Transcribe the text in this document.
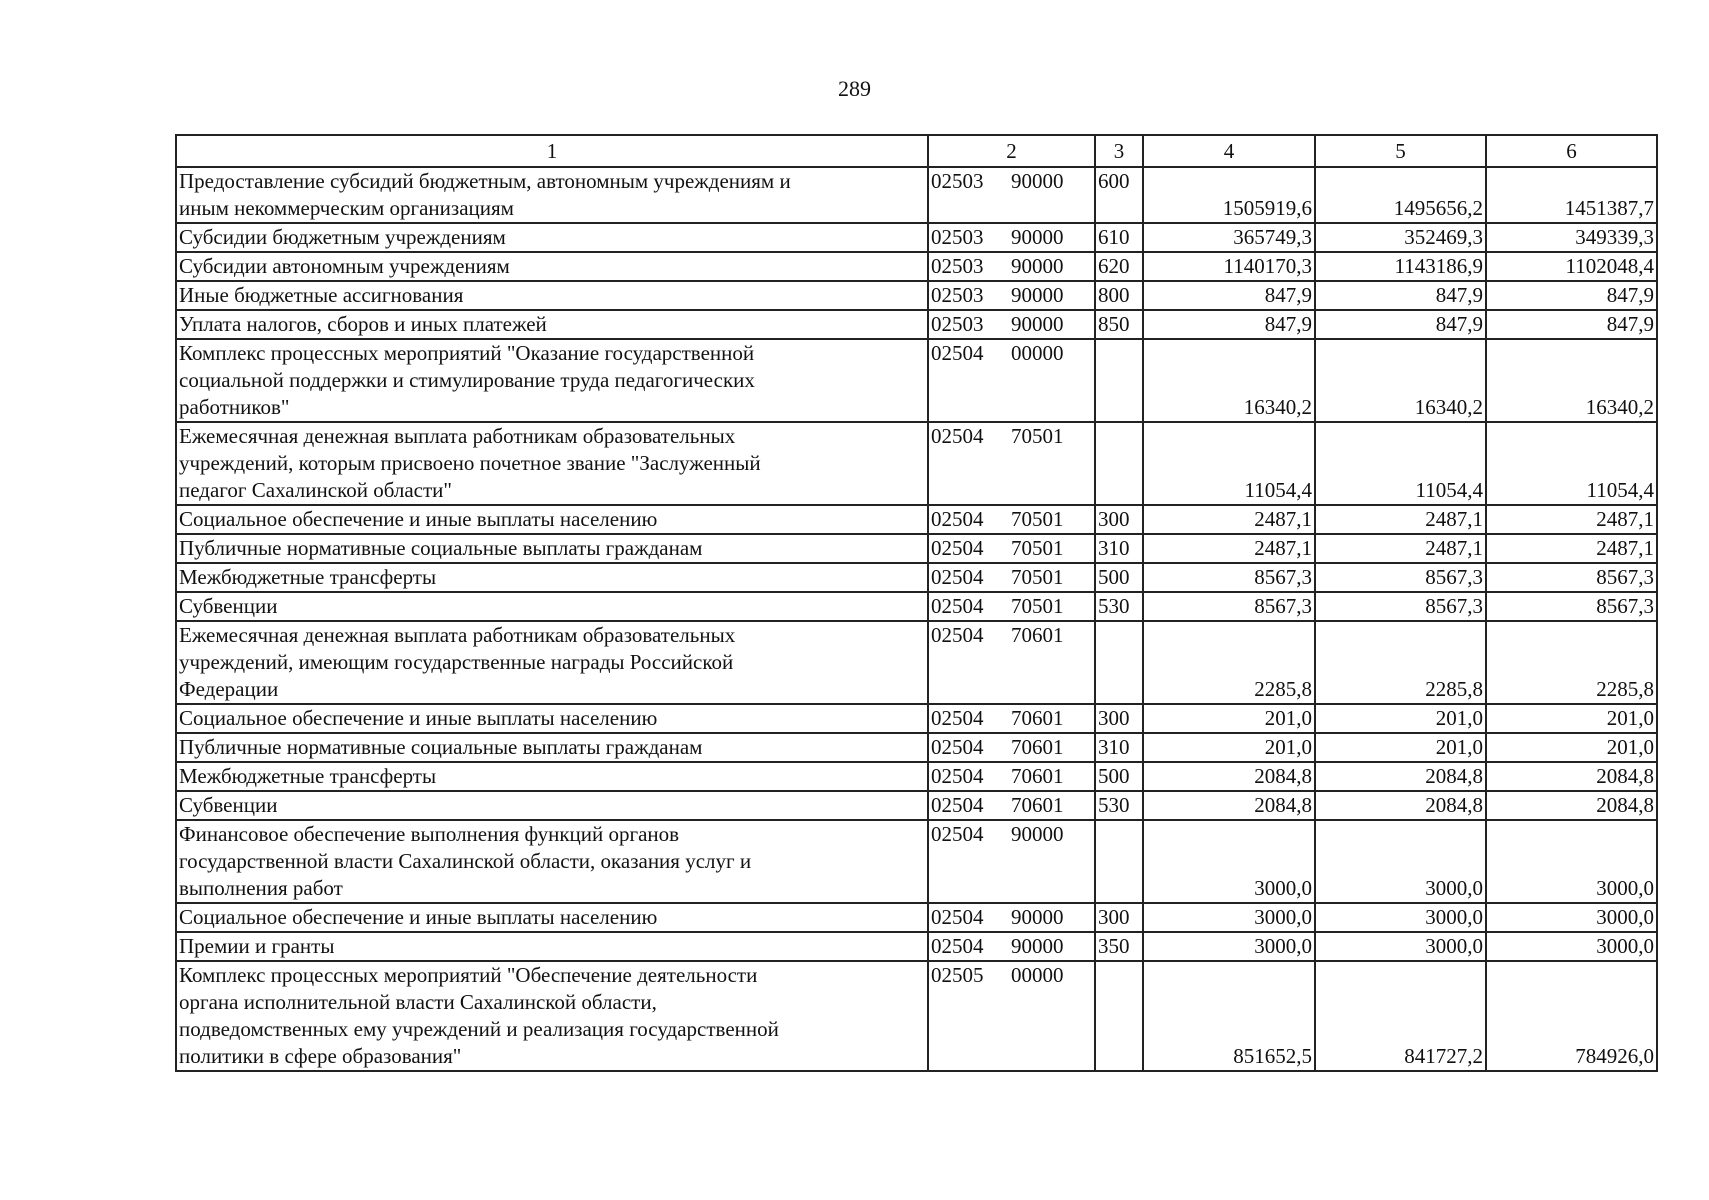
289
1	2	3	4	5	6
Предоставление субсидий бюджетным, автономным учреждениям и
иным некоммерческим организациям	02503 90000	600	1505919,6	1495656,2	1451387,7
Субсидии бюджетным учреждениям	02503 90000	610	365749,3	352469,3	349339,3
Субсидии автономным учреждениям	02503 90000	620	1140170,3	1143186,9	1102048,4
Иные бюджетные ассигнования	02503 90000	800	847,9	847,9	847,9
Уплата налогов, сборов и иных платежей	02503 90000	850	847,9	847,9	847,9
Комплекс процессных мероприятий "Оказание государственной
социальной поддержки и стимулирование труда педагогических
работников"	02504 00000		16340,2	16340,2	16340,2
Ежемесячная денежная выплата работникам образовательных
учреждений, которым присвоено почетное звание "Заслуженный
педагог Сахалинской области"	02504 70501		11054,4	11054,4	11054,4
Социальное обеспечение и иные выплаты населению	02504 70501	300	2487,1	2487,1	2487,1
Публичные нормативные социальные выплаты гражданам	02504 70501	310	2487,1	2487,1	2487,1
Межбюджетные трансферты	02504 70501	500	8567,3	8567,3	8567,3
Субвенции	02504 70501	530	8567,3	8567,3	8567,3
Ежемесячная денежная выплата работникам образовательных
учреждений, имеющим государственные награды Российской
Федерации	02504 70601		2285,8	2285,8	2285,8
Социальное обеспечение и иные выплаты населению	02504 70601	300	201,0	201,0	201,0
Публичные нормативные социальные выплаты гражданам	02504 70601	310	201,0	201,0	201,0
Межбюджетные трансферты	02504 70601	500	2084,8	2084,8	2084,8
Субвенции	02504 70601	530	2084,8	2084,8	2084,8
Финансовое обеспечение выполнения функций органов
государственной власти Сахалинской области, оказания услуг и
выполнения работ	02504 90000		3000,0	3000,0	3000,0
Социальное обеспечение и иные выплаты населению	02504 90000	300	3000,0	3000,0	3000,0
Премии и гранты	02504 90000	350	3000,0	3000,0	3000,0
Комплекс процессных мероприятий "Обеспечение деятельности
органа исполнительной власти Сахалинской области,
подведомственных ему учреждений и реализация государственной
политики в сфере образования"	02505 00000		851652,5	841727,2	784926,0
